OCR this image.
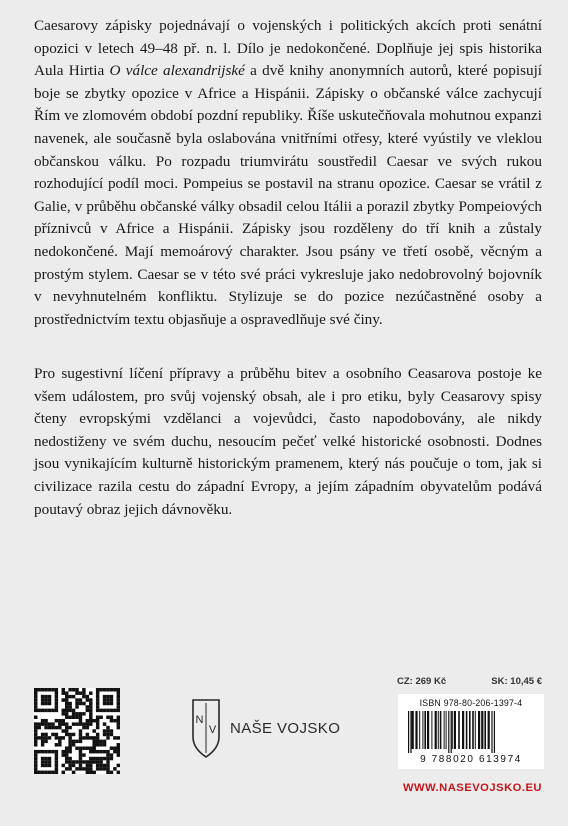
Caesarovy zápisky pojednávají o vojenských i politických akcích proti senátní opozici v letech 49–48 př. n. l. Dílo je nedokončené. Doplňuje jej spis historika Aula Hirtia O válce alexandrijské a dvě knihy anonymních autorů, které popisují boje se zbytky opozice v Africe a Hispánii. Zápisky o občanské válce zachycují Řím ve zlomovém období pozdní republiky. Říše uskutečňovala mohutnou expanzi navenek, ale současně byla oslabována vnitřními otřesy, které vyústily ve vleklou občanskou válku. Po rozpadu triumvirátu soustředil Caesar ve svých rukou rozhodující podíl moci. Pompeius se postavil na stranu opozice. Caesar se vrátil z Galie, v průběhu občanské války obsadil celou Itálii a porazil zbytky Pompeiových příznivců v Africe a Hispánii. Zápisky jsou rozděleny do tří knih a zůstaly nedokončené. Mají memoárový charakter. Jsou psány ve třetí osobě, věcným a prostým stylem. Caesar se v této své práci vykresluje jako nedobrovolný bojovník v nevyhnutelném konfliktu. Stylizuje se do pozice nezúčastněné osoby a prostřednictvím textu objasňuje a ospravedlňuje své činy.

Pro sugestivní líčení přípravy a průběhu bitev a osobního Ceasarova postoje ke všem událostem, pro svůj vojenský obsah, ale i pro etiku, byly Ceasarovy spisy čteny evropskými vzdělanci a vojevůdci, často napodobovány, ale nikdy nedostiženy ve svém duchu, nesoucím pečeť velké historické osobnosti. Dodnes jsou vynikajícím kulturně historickým pramenem, který nás poučuje o tom, jak si civilizace razila cestu do západní Evropy, a jejím západním obyvatelům podává poutavý obraz jejich dávnověku.

N
V NAŠE VOJSKO
CZ: 269 Kč	SK: 10,45 €
ISBN 978-80-206-1397-4
9 788020 613974
WWW.NASEVOJSKO.EU
